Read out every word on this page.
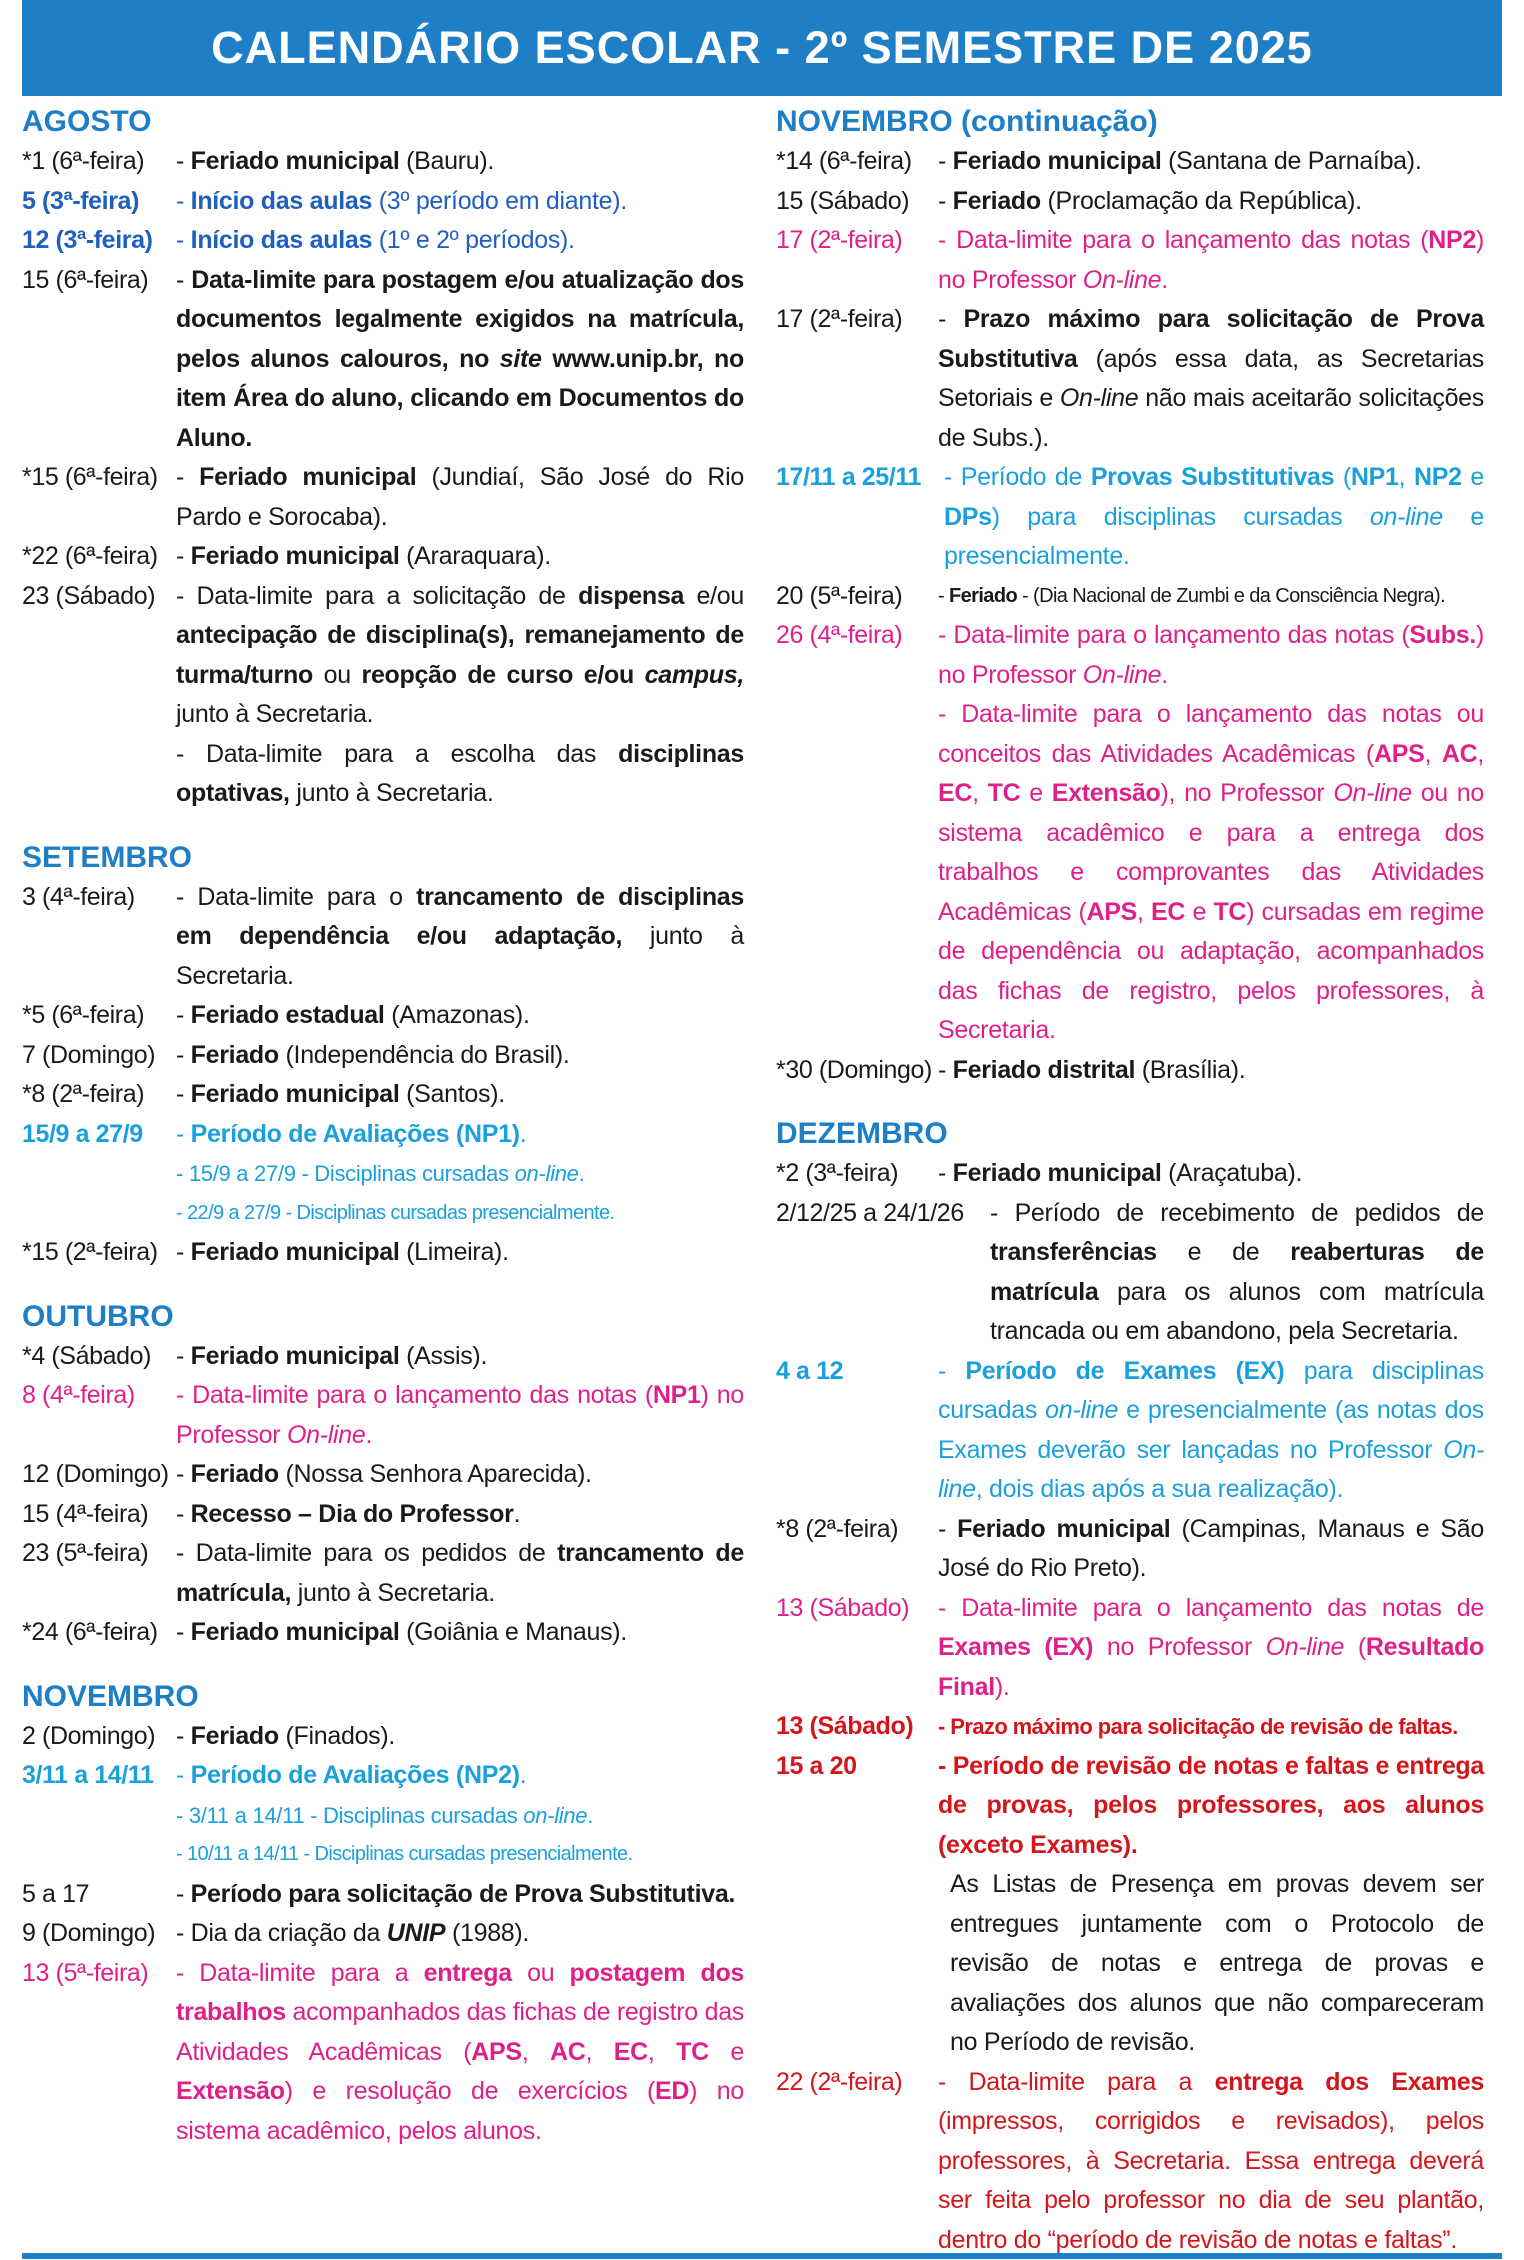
CALENDÁRIO ESCOLAR - 2º SEMESTRE DE 2025
AGOSTO
*1 (6ª-feira)	- Feriado municipal (Bauru).
5 (3ª-feira)	- Início das aulas (3º período em diante).
12 (3ª-feira) - Início das aulas (1º e 2º períodos).
15 (6ª-feira)	- Data-limite para postagem e/ou atualização dos documentos legalmente exigidos na matrícula, pelos alunos calouros, no site www.unip.br, no item Área do aluno, clicando em Documentos do Aluno.
*15 (6ª-feira) - Feriado municipal (Jundiaí, São José do Rio Pardo e Sorocaba).
*22 (6ª-feira) - Feriado municipal (Araraquara).
23 (Sábado) - Data-limite para a solicitação de dispensa e/ou antecipação de disciplina(s), remanejamento de turma/turno ou reopção de curso e/ou campus, junto à Secretaria.
- Data-limite para a escolha das disciplinas optativas, junto à Secretaria.
SETEMBRO
3 (4ª-feira)	- Data-limite para o trancamento de disciplinas em dependência e/ou adaptação, junto à Secretaria.
*5 (6ª-feira)	- Feriado estadual (Amazonas).
7 (Domingo) - Feriado (Independência do Brasil).
*8 (2ª-feira)	- Feriado municipal (Santos).
15/9 a 27/9	- Período de Avaliações (NP1).
- 15/9 a 27/9 - Disciplinas cursadas on-line.
- 22/9 a 27/9 - Disciplinas cursadas presencialmente.
*15 (2ª-feira) - Feriado municipal (Limeira).
OUTUBRO
*4 (Sábado) - Feriado municipal (Assis).
8 (4ª-feira)	- Data-limite para o lançamento das notas (NP1) no Professor On-line.
12 (Domingo) - Feriado (Nossa Senhora Aparecida).
15 (4ª-feira)	- Recesso – Dia do Professor.
23 (5ª-feira)	- Data-limite para os pedidos de trancamento de matrícula, junto à Secretaria.
*24 (6ª-feira) - Feriado municipal (Goiânia e Manaus).
NOVEMBRO
2 (Domingo) - Feriado (Finados).
3/11 a 14/11 - Período de Avaliações (NP2).
- 3/11 a 14/11 - Disciplinas cursadas on-line.
- 10/11 a 14/11 - Disciplinas cursadas presencialmente.
5 a 17	- Período para solicitação de Prova Substitutiva.
9 (Domingo) - Dia da criação da UNIP (1988).
13 (5ª-feira)	- Data-limite para a entrega ou postagem dos trabalhos acompanhados das fichas de registro das Atividades Acadêmicas (APS, AC, EC, TC e Extensão) e resolução de exercícios (ED) no sistema acadêmico, pelos alunos.
NOVEMBRO (continuação)
*14 (6ª-feira)	- Feriado municipal (Santana de Parnaíba).
15 (Sábado)	- Feriado (Proclamação da República).
17 (2ª-feira)	- Data-limite para o lançamento das notas (NP2) no Professor On-line.
17 (2ª-feira)	- Prazo máximo para solicitação de Prova Substitutiva (após essa data, as Secretarias Setoriais e On-line não mais aceitarão solicitações de Subs.).
17/11 a 25/11 - Período de Provas Substitutivas (NP1, NP2 e DPs) para disciplinas cursadas on-line e presencialmente.
20 (5ª-feira)	- Feriado - (Dia Nacional de Zumbi e da Consciência Negra).
26 (4ª-feira)	- Data-limite para o lançamento das notas (Subs.) no Professor On-line.
- Data-limite para o lançamento das notas ou conceitos das Atividades Acadêmicas (APS, AC, EC, TC e Extensão), no Professor On-line ou no sistema acadêmico e para a entrega dos trabalhos e comprovantes das Atividades Acadêmicas (APS, EC e TC) cursadas em regime de dependência ou adaptação, acompanhados das fichas de registro, pelos professores, à Secretaria.
*30 (Domingo) - Feriado distrital (Brasília).
DEZEMBRO
*2 (3ª-feira)	- Feriado municipal (Araçatuba).
2/12/25 a 24/1/26	- Período de recebimento de pedidos de transferências e de reaberturas de matrícula para os alunos com matrícula trancada ou em abandono, pela Secretaria.
4 a 12	- Período de Exames (EX) para disciplinas cursadas on-line e presencialmente (as notas dos Exames deverão ser lançadas no Professor On-line, dois dias após a sua realização).
*8 (2ª-feira)	- Feriado municipal (Campinas, Manaus e São José do Rio Preto).
13 (Sábado)	- Data-limite para o lançamento das notas de Exames (EX) no Professor On-line (Resultado Final).
13 (Sábado)	- Prazo máximo para solicitação de revisão de faltas.
15 a 20	- Período de revisão de notas e faltas e entrega de provas, pelos professores, aos alunos (exceto Exames).
As Listas de Presença em provas devem ser entregues juntamente com o Protocolo de revisão de notas e entrega de provas e avaliações dos alunos que não compareceram no Período de revisão.
22 (2ª-feira)	- Data-limite para a entrega dos Exames (impressos, corrigidos e revisados), pelos professores, à Secretaria. Essa entrega deverá ser feita pelo professor no dia de seu plantão, dentro do “período de revisão de notas e faltas”.
